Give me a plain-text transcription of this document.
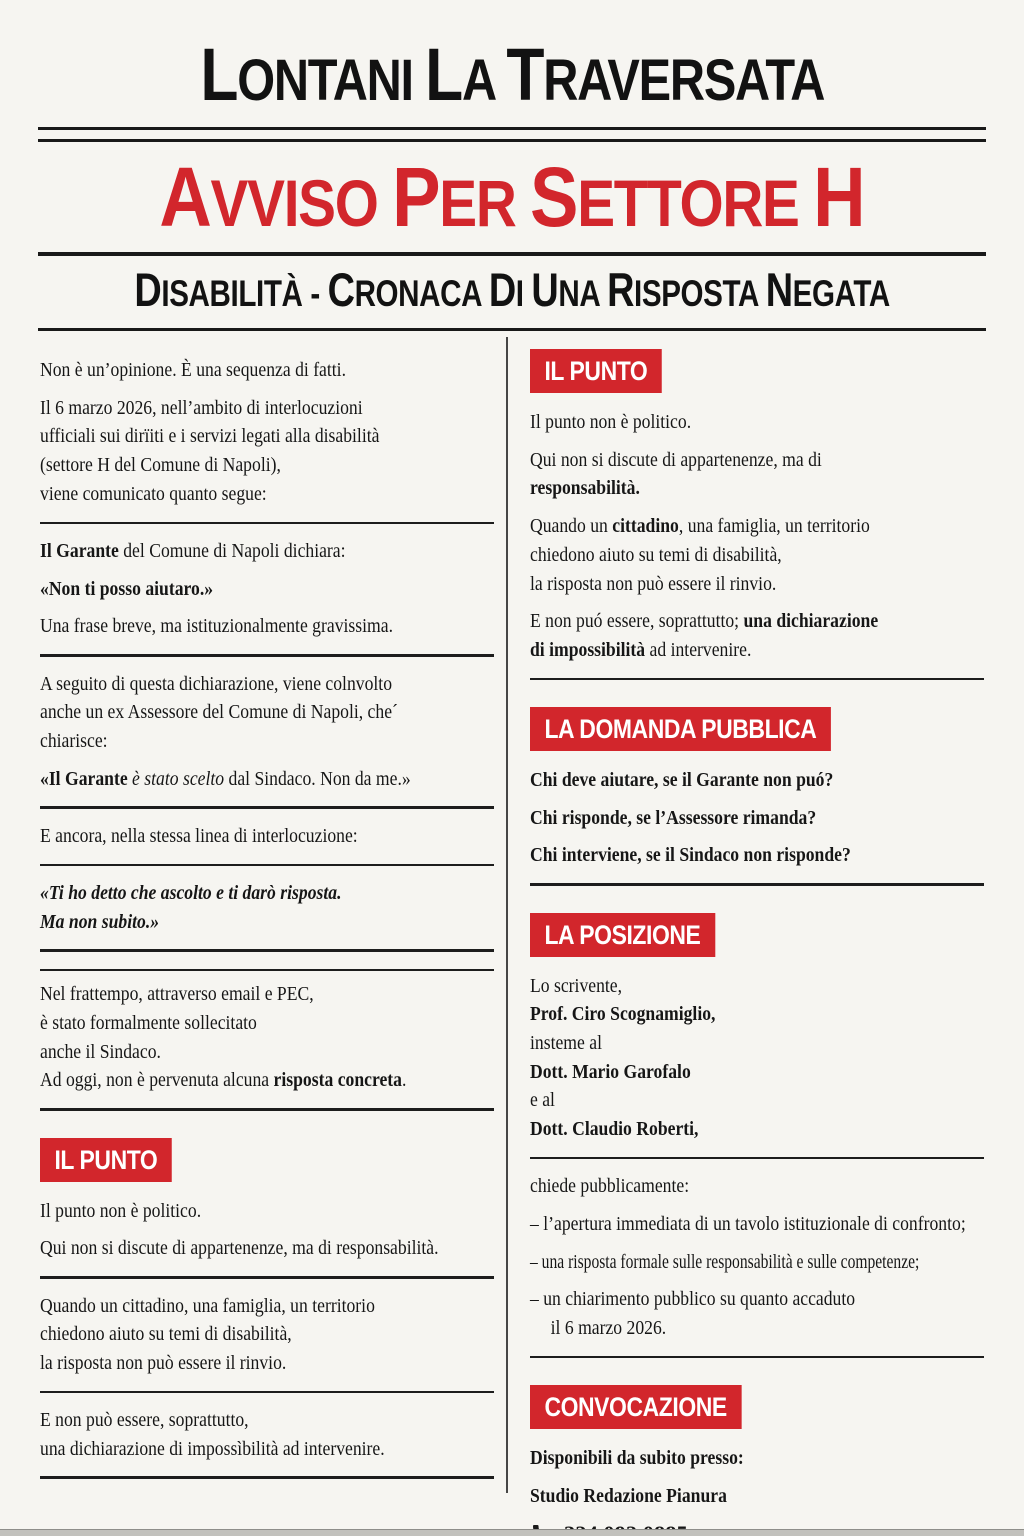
LONTANI LA TRAVERSATA
AVVISO PER SETTORE H
DISABILITÀ - CRONACA DI UNA RISPOSTA NEGATA

Non è un’opinione. È una sequenza di fatti.

Il 6 marzo 2026, nell’ambito di interlocuzioni
ufficiali sui dirïiti e i servizi legati alla disabilità
(settore H del Comune di Napoli),
viene comunicato quanto segue:

Il Garante del Comune di Napoli dichiara:

«Non ti posso aiutaro.»

Una frase breve, ma istituzionalmente gravissima.

A seguito di questa dichiarazione, viene colnvolto
anche un ex Assessore del Comune di Napoli, che´
chiarisce:

«Il Garante è stato scelto dal Sindaco. Non da me.»

E ancora, nella stessa linea di interlocuzione:

«Ti ho detto che ascolto e ti darò risposta.
Ma non subito.»

Nel frattempo, attraverso email e PEC,
è stato formalmente sollecitato
anche il Sindaco.
Ad oggi, non è pervenuta alcuna risposta concreta.

IL PUNTO

Il punto non è politico.

Qui non si discute di appartenenze, ma di responsabilità.

Quando un cittadino, una famiglia, un territorio
chiedono aiuto su temi di disabilità,
la risposta non può essere il rinvio.

E non può essere, soprattutto,
una dichiarazione di impossìbilità ad intervenire.

IL PUNTO

Il punto non è politico.

Qui non si discute di appartenenze, ma di
responsabilità.

Quando un cittadino, una famiglia, un territorio
chiedono aiuto su temi di disabilità,
la risposta non può essere il rinvio.

E non puó essere, soprattutto; una dichiarazione
di impossibilità ad intervenire.

LA DOMANDA PUBBLICA

Chi deve aiutare, se il Garante non puó?

Chi risponde, se l’Assessore rimanda?

Chi interviene, se il Sindaco non risponde?

LA POSIZIONE

Lo scrivente,
Prof. Ciro Scognamiglio,
insteme al
Dott. Mario Garofalo
e al
Dott. Claudio Roberti,

chiede pubblicamente:

– l’apertura immediata di un tavolo istituzionale di confronto;

– una risposta formale sulle responsabilità e sulle competenze;

– un chiarimento pubblico su quanto accaduto
il 6 marzo 2026.

CONVOCAZIONE

Disponibili da subito presso:

Studio Redazione Pianura
